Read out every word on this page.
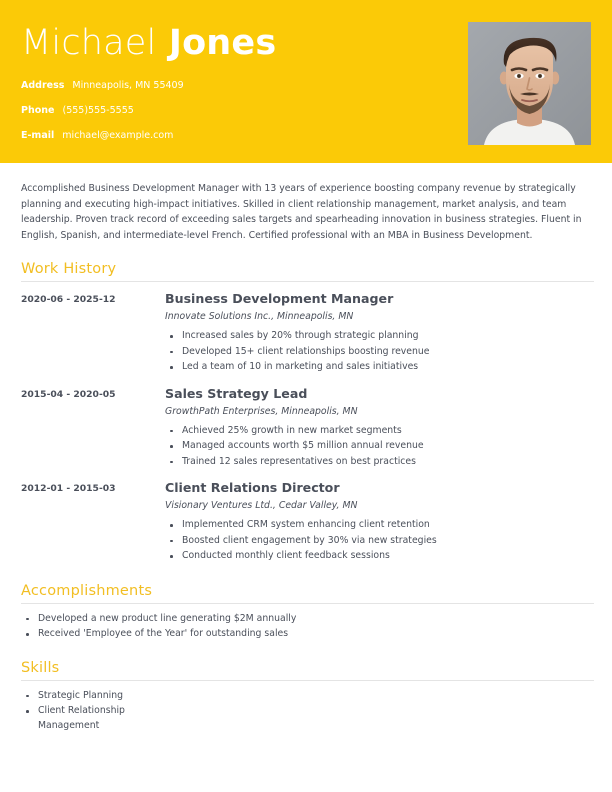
Michael Jones
Address Minneapolis, MN 55409
Phone (555)555-5555
E-mail michael@example.com

Accomplished Business Development Manager with 13 years of experience boosting company revenue by strategically planning and executing high-impact initiatives. Skilled in client relationship management, market analysis, and team leadership. Proven track record of exceeding sales targets and spearheading innovation in business strategies. Fluent in English, Spanish, and intermediate-level French. Certified professional with an MBA in Business Development.

Work History
2020-06 - 2025-12	Business Development Manager
Innovate Solutions Inc., Minneapolis, MN
Increased sales by 20% through strategic planning
Developed 15+ client relationships boosting revenue
Led a team of 10 in marketing and sales initiatives
2015-04 - 2020-05	Sales Strategy Lead
GrowthPath Enterprises, Minneapolis, MN
Achieved 25% growth in new market segments
Managed accounts worth $5 million annual revenue
Trained 12 sales representatives on best practices
2012-01 - 2015-03	Client Relations Director
Visionary Ventures Ltd., Cedar Valley, MN
Implemented CRM system enhancing client retention
Boosted client engagement by 30% via new strategies
Conducted monthly client feedback sessions
Accomplishments
Developed a new product line generating $2M annually
Received 'Employee of the Year' for outstanding sales
Skills
Strategic Planning
Client Relationship Management
